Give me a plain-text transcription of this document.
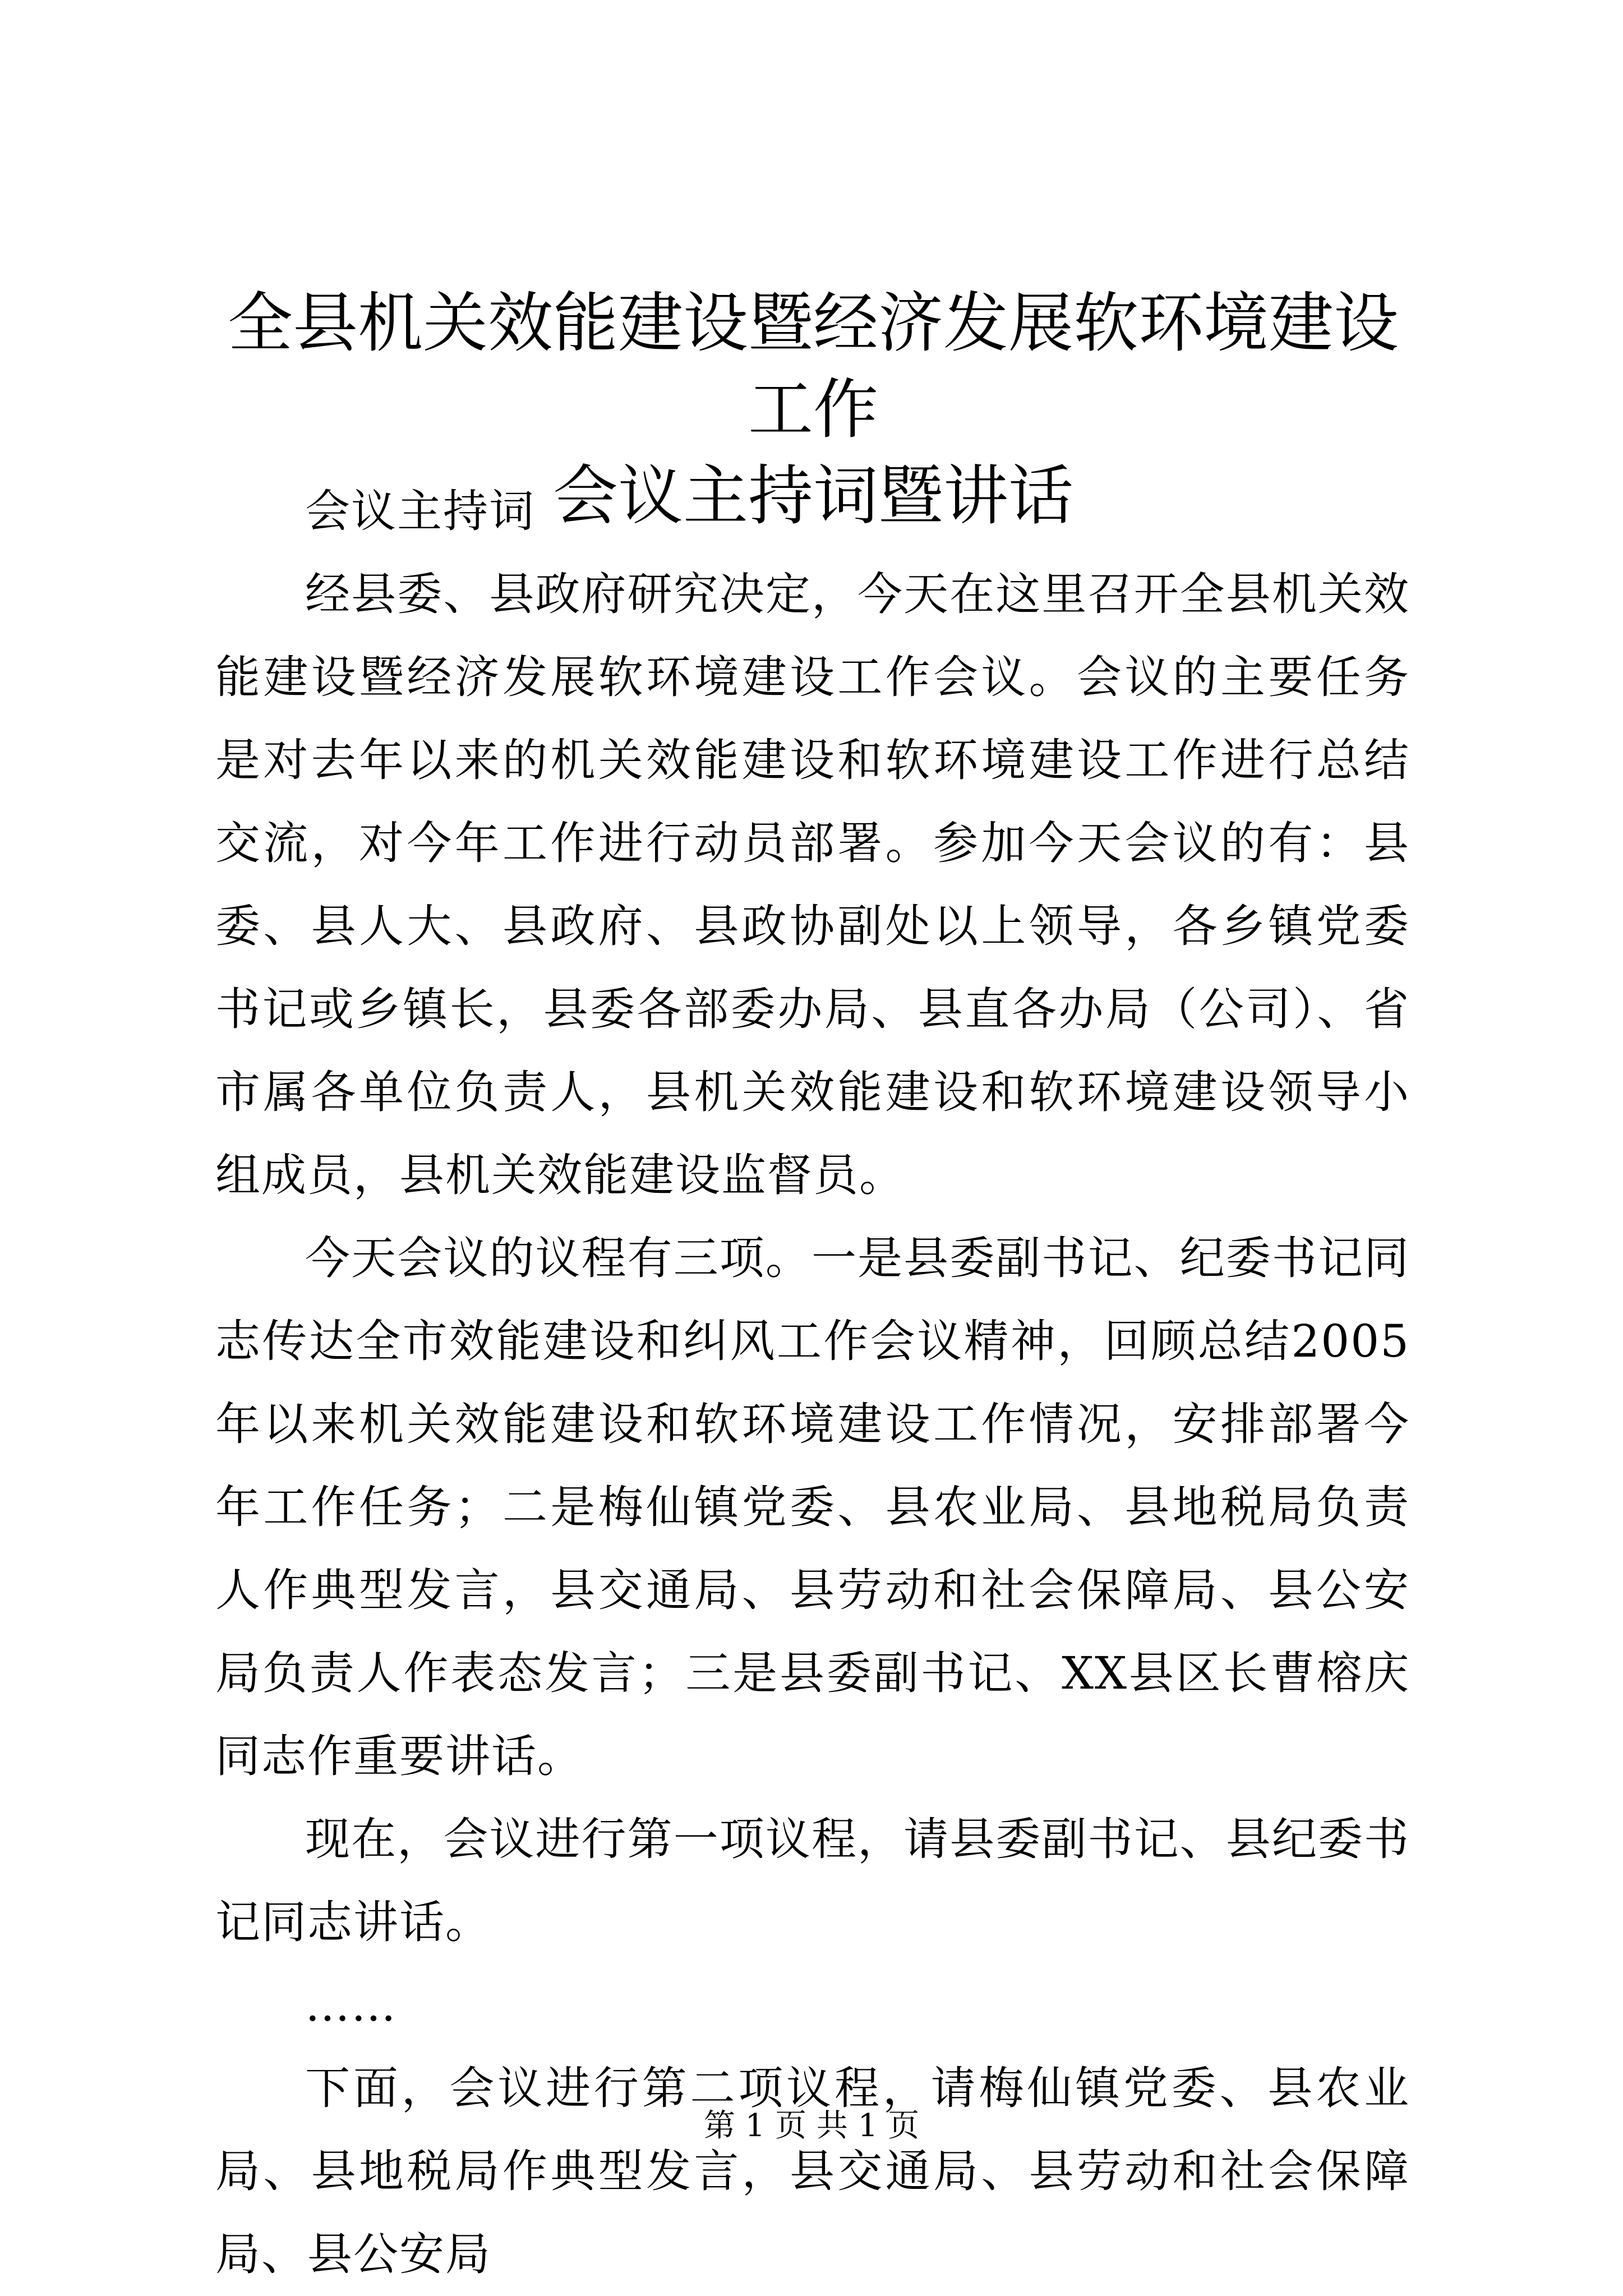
全县机关效能建设暨经济发展软环境建设工作
会议主持词暨讲话

会议主持词

经县委、县政府研究决定，今天在这里召开全县机关效能建设暨经济发展软环境建设工作会议。会议的主要任务是对去年以来的机关效能建设和软环境建设工作进行总结交流，对今年工作进行动员部署。参加今天会议的有：县委、县人大、县政府、县政协副处以上领导，各乡镇党委书记或乡镇长，县委各部委办局、县直各办局（公司）、省市属各单位负责人，县机关效能建设和软环境建设领导小组成员，县机关效能建设监督员。

今天会议的议程有三项。一是县委副书记、纪委书记同志传达全市效能建设和纠风工作会议精神，回顾总结2005年以来机关效能建设和软环境建设工作情况，安排部署今年工作任务；二是梅仙镇党委、县农业局、县地税局负责人作典型发言，县交通局、县劳动和社会保障局、县公安局负责人作表态发言；三是县委副书记、XX县区长曹榕庆同志作重要讲话。

现在，会议进行第一项议程，请县委副书记、县纪委书记同志讲话。

……

下面，会议进行第二项议程，请梅仙镇党委、县农业局、县地税局作典型发言，县交通局、县劳动和社会保障局、县公安局

第 1 页 共 1 页
